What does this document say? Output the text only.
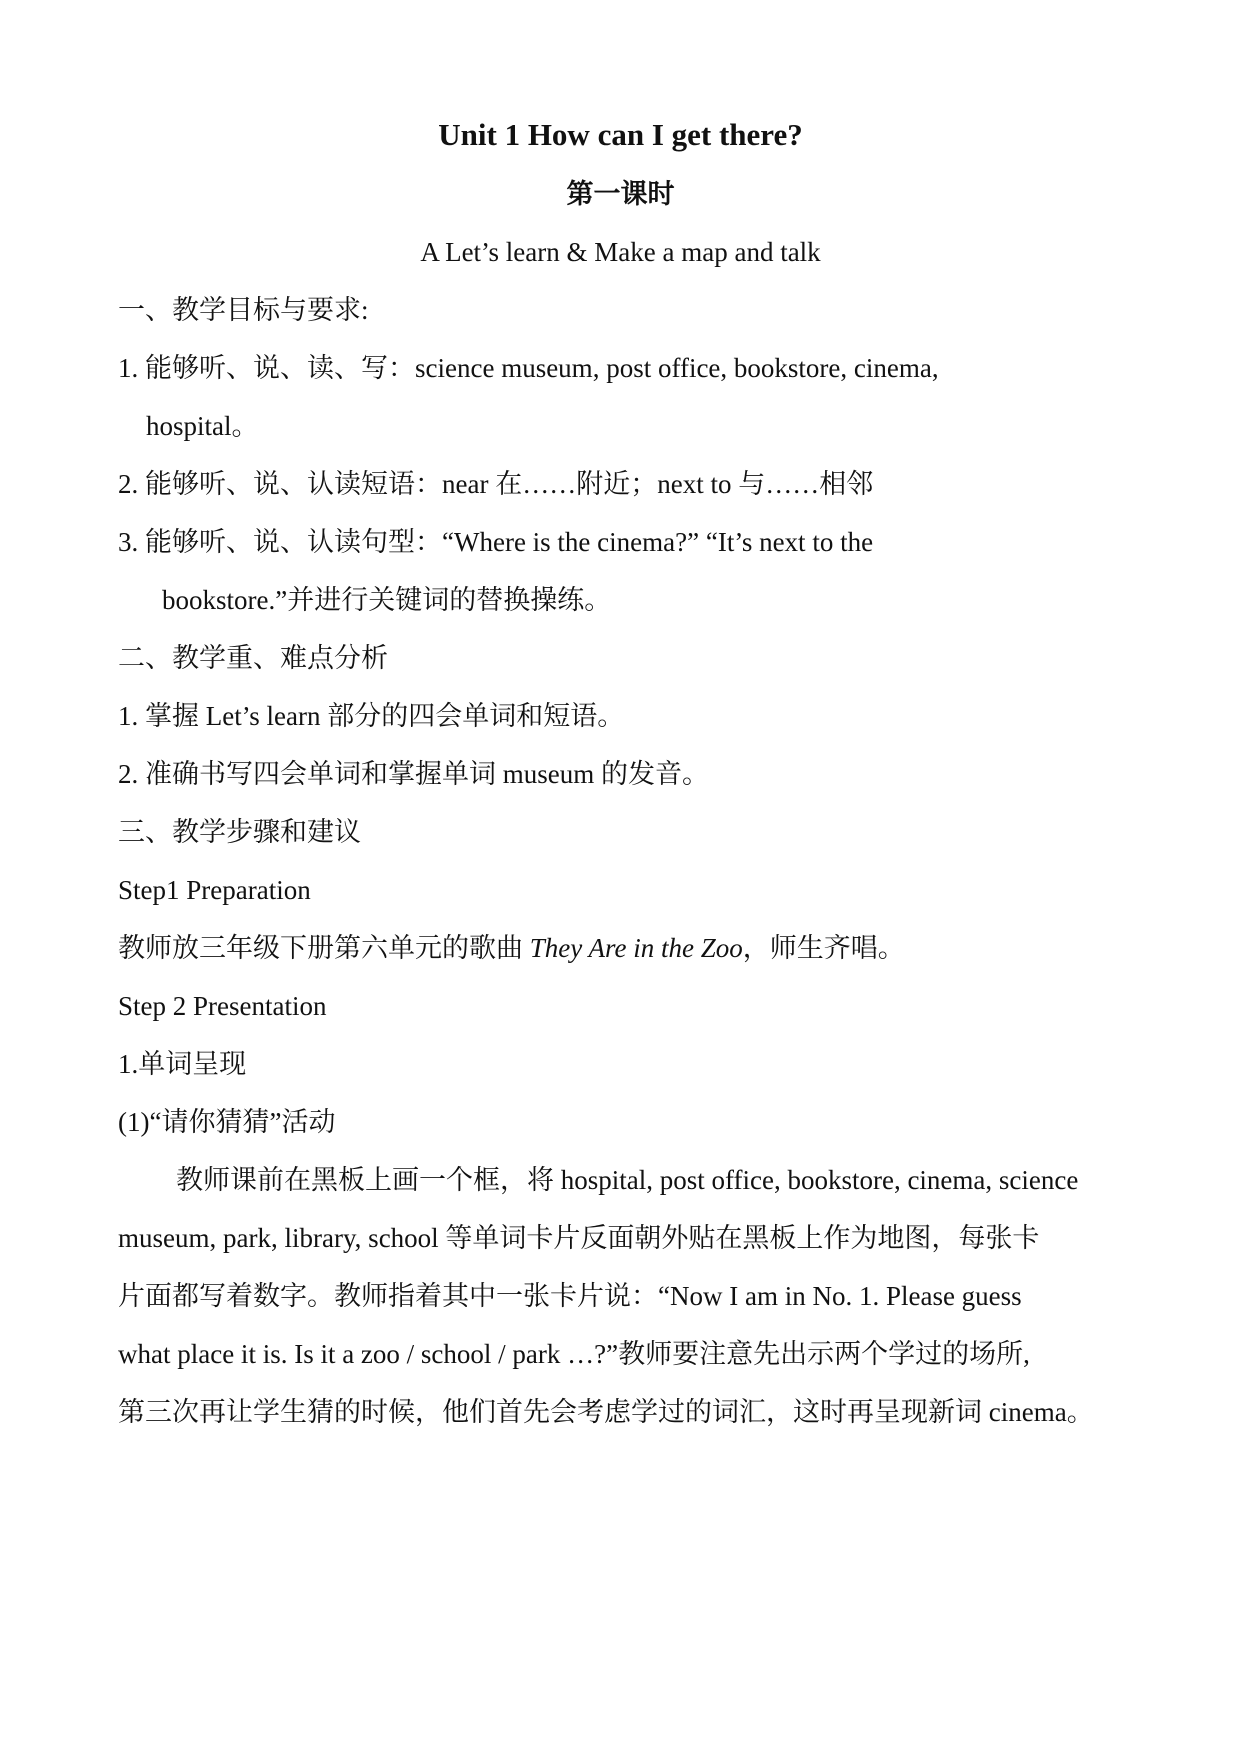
Unit 1 How can I get there?
第一课时
A Let’s learn & Make a map and talk
一、教学目标与要求:
1. 能够听、说、读、写：science museum, post office, bookstore, cinema,
hospital。
2. 能够听、说、认读短语：near 在……附近；next to 与……相邻
3. 能够听、说、认读句型：“Where is the cinema?” “It’s next to the
bookstore.”并进行关键词的替换操练。
二、教学重、难点分析
1. 掌握 Let’s learn 部分的四会单词和短语。
2. 准确书写四会单词和掌握单词 museum 的发音。
三、教学步骤和建议
Step1 Preparation
教师放三年级下册第六单元的歌曲 They Are in the Zoo，师生齐唱。
Step 2 Presentation
1.单词呈现
(1)“请你猜猜”活动
教师课前在黑板上画一个框，将 hospital, post office, bookstore, cinema, science
museum, park, library, school 等单词卡片反面朝外贴在黑板上作为地图，每张卡
片面都写着数字。教师指着其中一张卡片说：“Now I am in No. 1. Please guess
what place it is. Is it a zoo / school / park …?”教师要注意先出示两个学过的场所,
第三次再让学生猜的时候，他们首先会考虑学过的词汇，这时再呈现新词 cinema。
